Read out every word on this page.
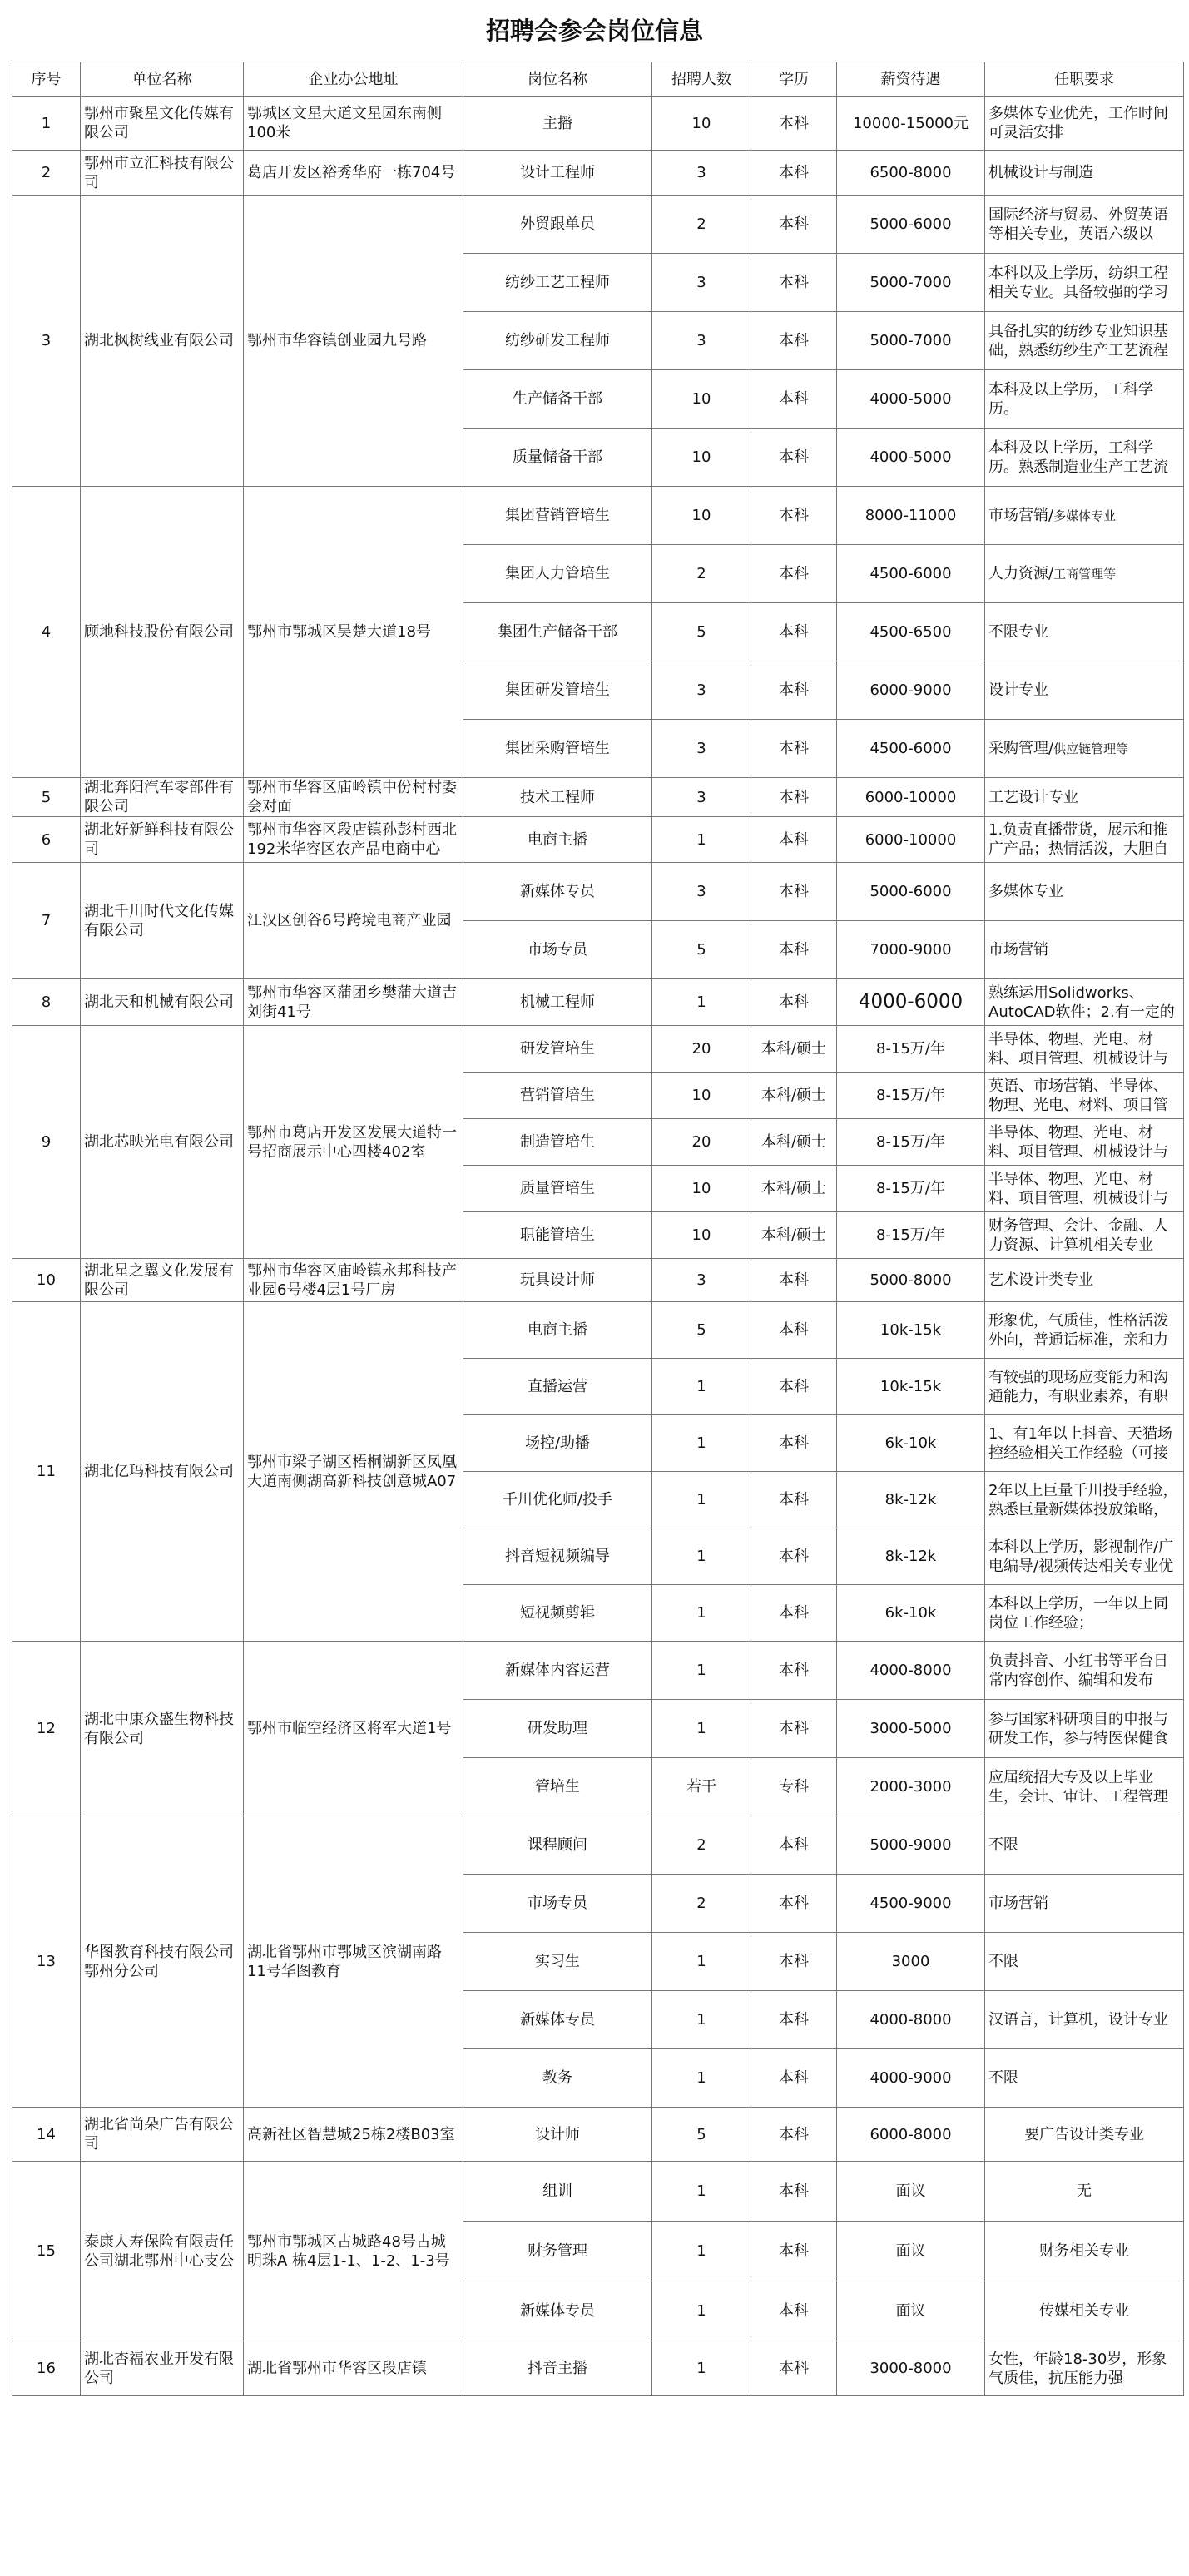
招聘会参会岗位信息
序号	单位名称	企业办公地址	岗位名称	招聘人数	学历	薪资待遇	任职要求

1	鄂州市聚星文化传媒有限公司	鄂城区文星大道文星园东南侧100米	主播	10	本科	10000-15000元	多媒体专业优先，工作时间可灵活安排

2	鄂州市立汇科技有限公司	葛店开发区裕秀华府一栋704号	设计工程师	3	本科	6500-8000	机械设计与制造

3	湖北枫树线业有限公司	鄂州市华容镇创业园九号路	外贸跟单员	2	本科	5000-6000	国际经济与贸易、外贸英语等相关专业，英语六级以

			纺纱工艺工程师	3	本科	5000-7000	本科以及上学历，纺织工程相关专业。具备较强的学习

			纺纱研发工程师	3	本科	5000-7000	具备扎实的纺纱专业知识基础，熟悉纺纱生产工艺流程

			生产储备干部	10	本科	4000-5000	本科及以上学历，工科学历。

			质量储备干部	10	本科	4000-5000	本科及以上学历，工科学历。熟悉制造业生产工艺流

4	顾地科技股份有限公司	鄂州市鄂城区吴楚大道18号	集团营销管培生	10	本科	8000-11000	市场营销/多媒体专业

			集团人力管培生	2	本科	4500-6000	人力资源/工商管理等

			集团生产储备干部	5	本科	4500-6500	不限专业

			集团研发管培生	3	本科	6000-9000	设计专业

			集团采购管培生	3	本科	4500-6000	采购管理/供应链管理等

5	湖北奔阳汽车零部件有限公司	鄂州市华容区庙岭镇中份村村委会对面	技术工程师	3	本科	6000-10000	工艺设计专业

6	湖北好新鲜科技有限公司	鄂州市华容区段店镇孙彭村西北192米华容区农产品电商中心	电商主播	1	本科	6000-10000	1.负责直播带货，展示和推广产品；热情活泼，大胆自

7	湖北千川时代文化传媒有限公司	江汉区创谷6号跨境电商产业园	新媒体专员	3	本科	5000-6000	多媒体专业

			市场专员	5	本科	7000-9000	市场营销

8	湖北天和机械有限公司	鄂州市华容区蒲团乡樊蒲大道吉刘街41号	机械工程师	1	本科	4000-6000	熟练运用Solidworks、AutoCAD软件；2.有一定的

9	湖北芯映光电有限公司	鄂州市葛店开发区发展大道特一号招商展示中心四楼402室	研发管培生	20	本科/硕士	8-15万/年	半导体、物理、光电、材料、项目管理、机械设计与

			营销管培生	10	本科/硕士	8-15万/年	英语、市场营销、半导体、物理、光电、材料、项目管

			制造管培生	20	本科/硕士	8-15万/年	半导体、物理、光电、材料、项目管理、机械设计与

			质量管培生	10	本科/硕士	8-15万/年	半导体、物理、光电、材料、项目管理、机械设计与

			职能管培生	10	本科/硕士	8-15万/年	财务管理、会计、金融、人力资源、计算机相关专业

10	湖北星之翼文化发展有限公司	鄂州市华容区庙岭镇永邦科技产业园6号楼4层1号厂房	玩具设计师	3	本科	5000-8000	艺术设计类专业

11	湖北亿玛科技有限公司	鄂州市梁子湖区梧桐湖新区凤凰大道南侧湖高新科技创意城A07	电商主播	5	本科	10k-15k	形象优，气质佳，性格活泼外向，普通话标准，亲和力

			直播运营	1	本科	10k-15k	有较强的现场应变能力和沟通能力，有职业素养，有职

			场控/助播	1	本科	6k-10k	1、有1年以上抖音、天猫场控经验相关工作经验（可接

			千川优化师/投手	1	本科	8k-12k	2年以上巨量千川投手经验，熟悉巨量新媒体投放策略，

			抖音短视频编导	1	本科	8k-12k	本科以上学历，影视制作/广电编导/视频传达相关专业优

			短视频剪辑	1	本科	6k-10k	本科以上学历，一年以上同岗位工作经验；

12	湖北中康众盛生物科技有限公司	鄂州市临空经济区将军大道1号	新媒体内容运营	1	本科	4000-8000	负责抖音、小红书等平台日常内容创作、编辑和发布

			研发助理	1	本科	3000-5000	参与国家科研项目的申报与研发工作，参与特医保健食

			管培生	若干	专科	2000-3000	应届统招大专及以上毕业生，会计、审计、工程管理

13	华图教育科技有限公司鄂州分公司	湖北省鄂州市鄂城区滨湖南路11号华图教育	课程顾问	2	本科	5000-9000	不限

			市场专员	2	本科	4500-9000	市场营销

			实习生	1	本科	3000	不限

			新媒体专员	1	本科	4000-8000	汉语言，计算机，设计专业

			教务	1	本科	4000-9000	不限

14	湖北省尚朵广告有限公司	高新社区智慧城25栋2楼B03室	设计师	5	本科	6000-8000	要广告设计类专业

15	泰康人寿保险有限责任公司湖北鄂州中心支公	鄂州市鄂城区古城路48号古城明珠A 栋4层1-1、1-2、1-3号	组训	1	本科	面议	无

			财务管理	1	本科	面议	财务相关专业

			新媒体专员	1	本科	面议	传媒相关专业

16	湖北杏福农业开发有限公司	湖北省鄂州市华容区段店镇	抖音主播	1	本科	3000-8000	女性，年龄18-30岁，形象气质佳，抗压能力强
